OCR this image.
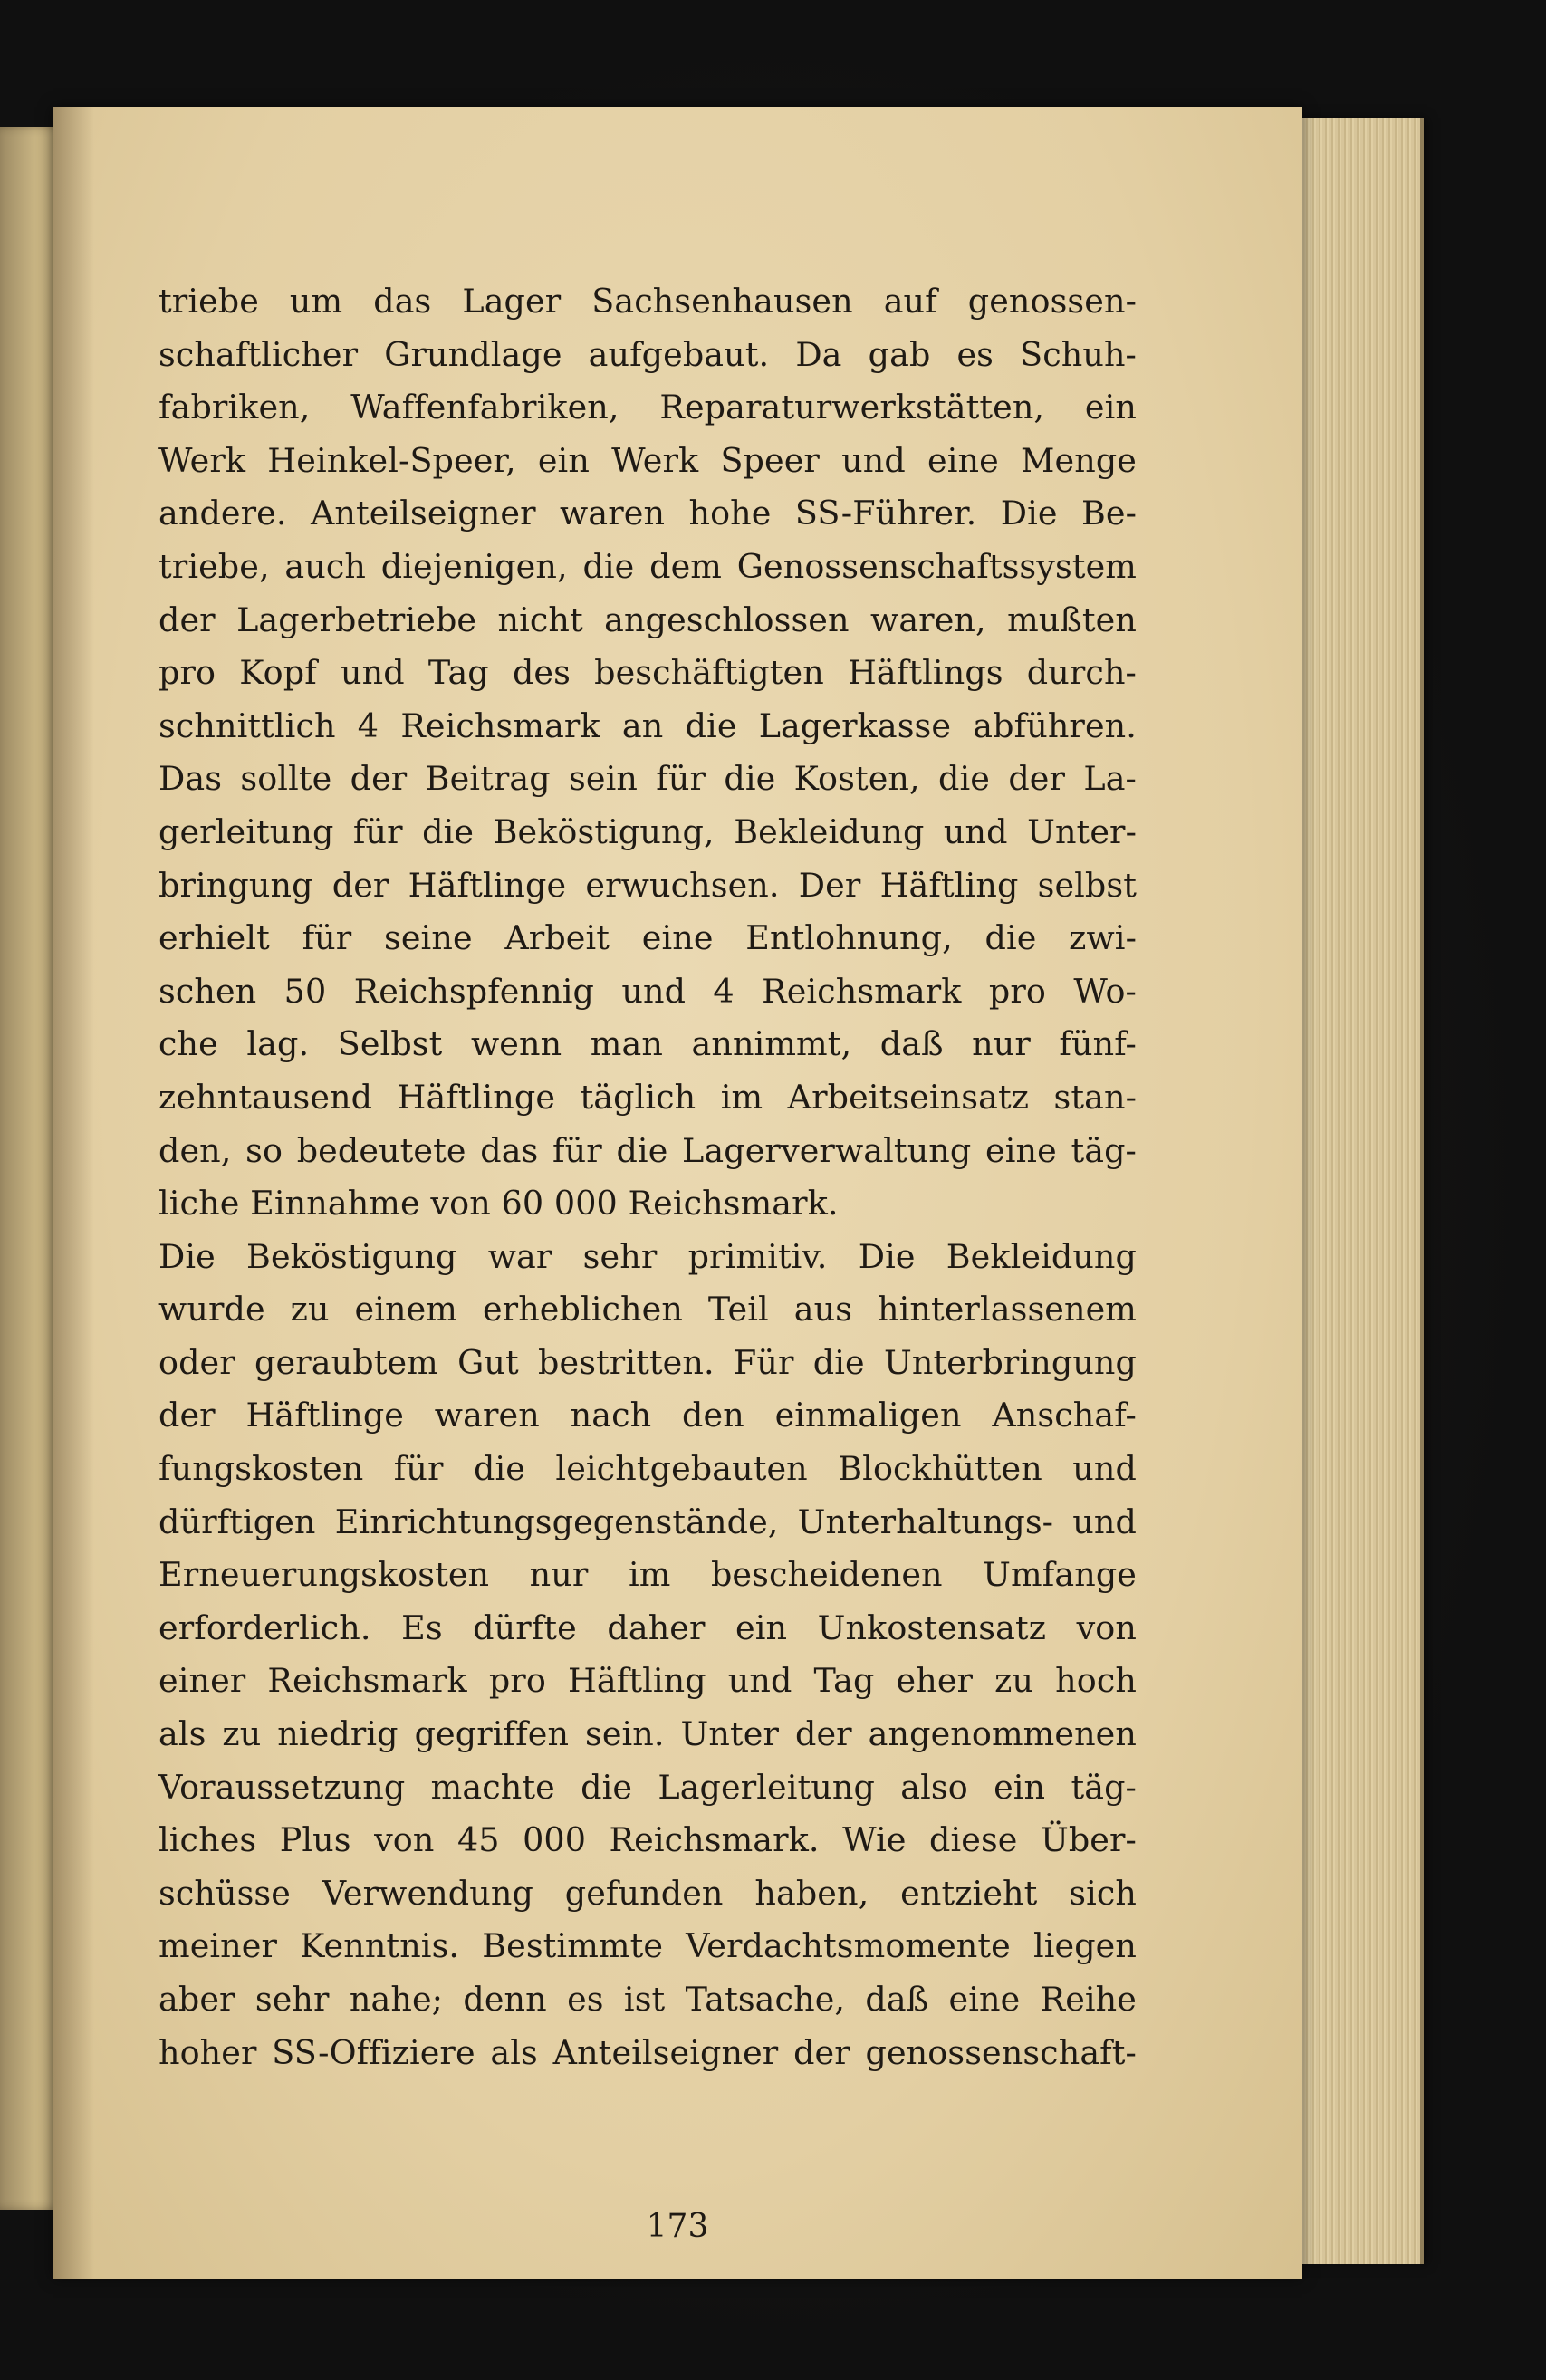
triebe um das Lager Sachsenhausen auf genossen-
schaftlicher Grundlage aufgebaut. Da gab es Schuh-
fabriken, Waffenfabriken, Reparaturwerkstätten, ein
Werk Heinkel-Speer, ein Werk Speer und eine Menge
andere. Anteilseigner waren hohe SS-Führer. Die Be-
triebe, auch diejenigen, die dem Genossenschaftssystem
der Lagerbetriebe nicht angeschlossen waren, mußten
pro Kopf und Tag des beschäftigten Häftlings durch-
schnittlich 4 Reichsmark an die Lagerkasse abführen.
Das sollte der Beitrag sein für die Kosten, die der La-
gerleitung für die Beköstigung, Bekleidung und Unter-
bringung der Häftlinge erwuchsen. Der Häftling selbst
erhielt für seine Arbeit eine Entlohnung, die zwi-
schen 50 Reichspfennig und 4 Reichsmark pro Wo-
che lag. Selbst wenn man annimmt, daß nur fünf-
zehntausend Häftlinge täglich im Arbeitseinsatz stan-
den, so bedeutete das für die Lagerverwaltung eine täg-
liche Einnahme von 60 000 Reichsmark.
Die Beköstigung war sehr primitiv. Die Bekleidung
wurde zu einem erheblichen Teil aus hinterlassenem
oder geraubtem Gut bestritten. Für die Unterbringung
der Häftlinge waren nach den einmaligen Anschaf-
fungskosten für die leichtgebauten Blockhütten und
dürftigen Einrichtungsgegenstände, Unterhaltungs- und
Erneuerungskosten nur im bescheidenen Umfange
erforderlich. Es dürfte daher ein Unkostensatz von
einer Reichsmark pro Häftling und Tag eher zu hoch
als zu niedrig gegriffen sein. Unter der angenommenen
Voraussetzung machte die Lagerleitung also ein täg-
liches Plus von 45 000 Reichsmark. Wie diese Über-
schüsse Verwendung gefunden haben, entzieht sich
meiner Kenntnis. Bestimmte Verdachtsmomente liegen
aber sehr nahe; denn es ist Tatsache, daß eine Reihe
hoher SS-Offiziere als Anteilseigner der genossenschaft-
173
